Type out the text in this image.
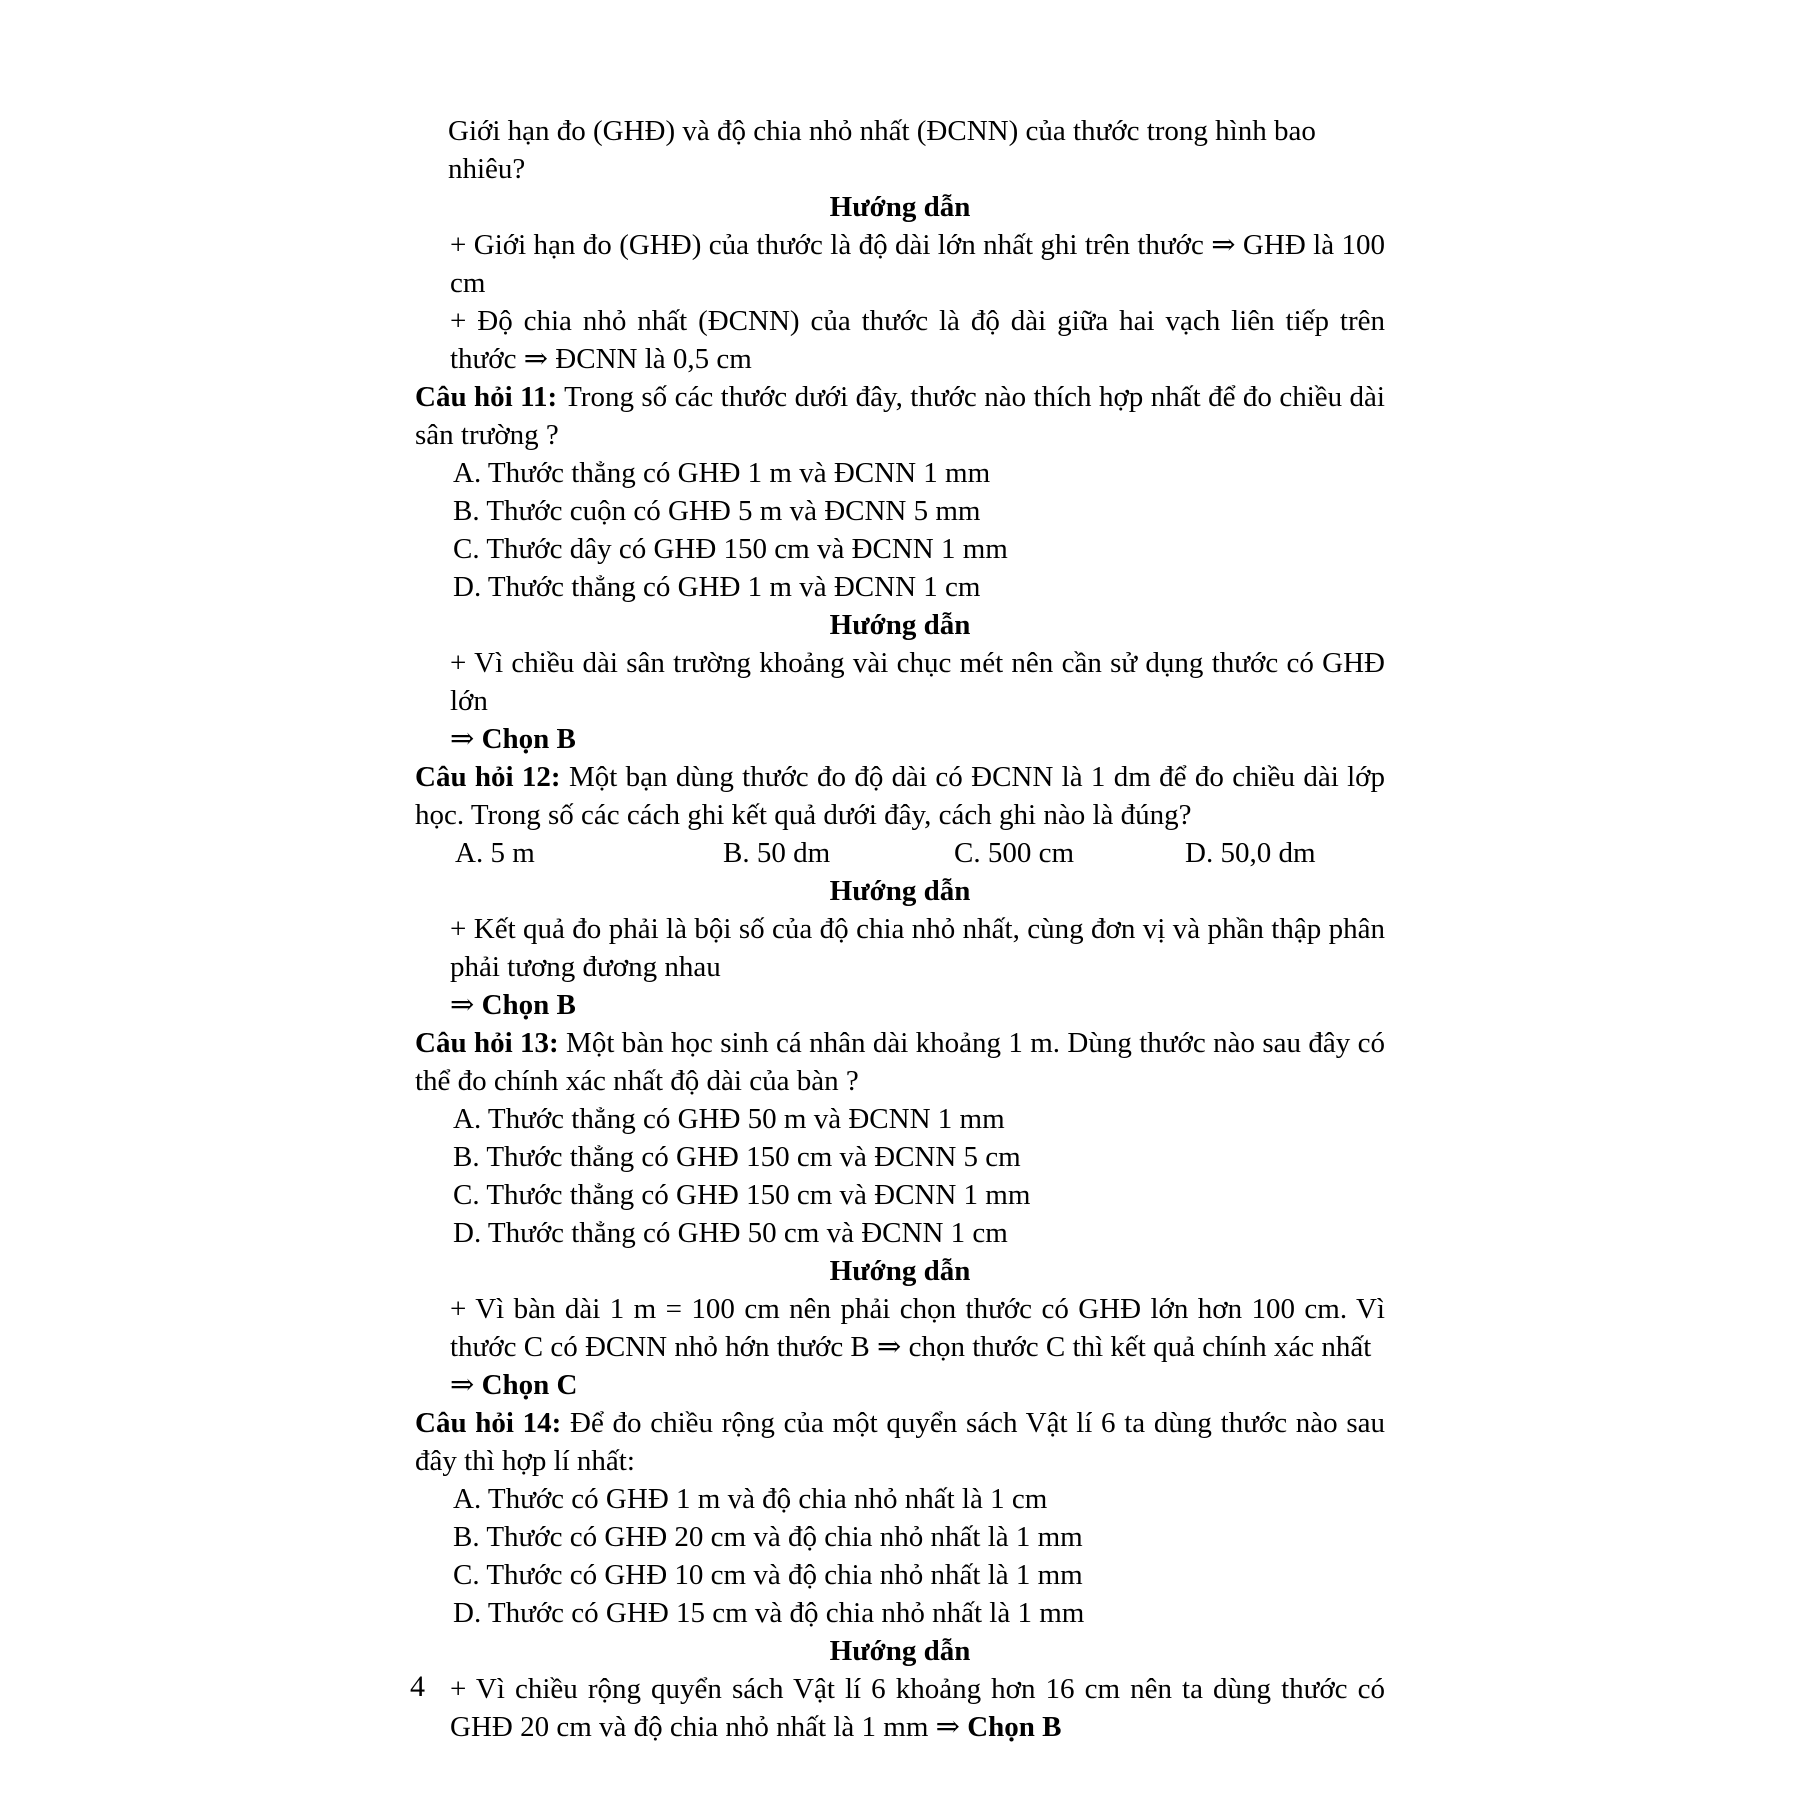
Giới hạn đo (GHĐ) và độ chia nhỏ nhất (ĐCNN) của thước trong hình bao nhiêu?

Hướng dẫn

+ Giới hạn đo (GHĐ) của thước là độ dài lớn nhất ghi trên thước ⇒ GHĐ là 100 cm

+ Độ chia nhỏ nhất (ĐCNN) của thước là độ dài giữa hai vạch liên tiếp trên thước ⇒ ĐCNN là 0,5 cm

Câu hỏi 11: Trong số các thước dưới đây, thước nào thích hợp nhất để đo chiều dài sân trường ?

A. Thước thẳng có GHĐ 1 m và ĐCNN 1 mm

B. Thước cuộn có GHĐ 5 m và ĐCNN 5 mm

C. Thước dây có GHĐ 150 cm và ĐCNN 1 mm

D. Thước thẳng có GHĐ 1 m và ĐCNN 1 cm

Hướng dẫn

+ Vì chiều dài sân trường khoảng vài chục mét nên cần sử dụng thước có GHĐ lớn

⇒ Chọn B

Câu hỏi 12: Một bạn dùng thước đo độ dài có ĐCNN là 1 dm để đo chiều dài lớp học. Trong số các cách ghi kết quả dưới đây, cách ghi nào là đúng?

A. 5 m	B. 50 dm	C. 500 cm	D. 50,0 dm

Hướng dẫn

+ Kết quả đo phải là bội số của độ chia nhỏ nhất, cùng đơn vị và phần thập phân phải tương đương nhau

⇒ Chọn B

Câu hỏi 13: Một bàn học sinh cá nhân dài khoảng 1 m. Dùng thước nào sau đây có thể đo chính xác nhất độ dài của bàn ?

A. Thước thẳng có GHĐ 50 m và ĐCNN 1 mm

B. Thước thẳng có GHĐ 150 cm và ĐCNN 5 cm

C. Thước thẳng có GHĐ 150 cm và ĐCNN 1 mm

D. Thước thẳng có GHĐ 50 cm và ĐCNN 1 cm

Hướng dẫn

+ Vì bàn dài 1 m = 100 cm nên phải chọn thước có GHĐ lớn hơn 100 cm. Vì thước C có ĐCNN nhỏ hớn thước B ⇒ chọn thước C thì kết quả chính xác nhất

⇒ Chọn C

Câu hỏi 14: Để đo chiều rộng của một quyển sách Vật lí 6 ta dùng thước nào sau đây thì hợp lí nhất:

A. Thước có GHĐ 1 m và độ chia nhỏ nhất là 1 cm

B. Thước có GHĐ 20 cm và độ chia nhỏ nhất là 1 mm

C. Thước có GHĐ 10 cm và độ chia nhỏ nhất là 1 mm

D. Thước có GHĐ 15 cm và độ chia nhỏ nhất là 1 mm

Hướng dẫn

+ Vì chiều rộng quyển sách Vật lí 6 khoảng hơn 16 cm nên ta dùng thước có GHĐ 20 cm và độ chia nhỏ nhất là 1 mm ⇒ Chọn B

4
